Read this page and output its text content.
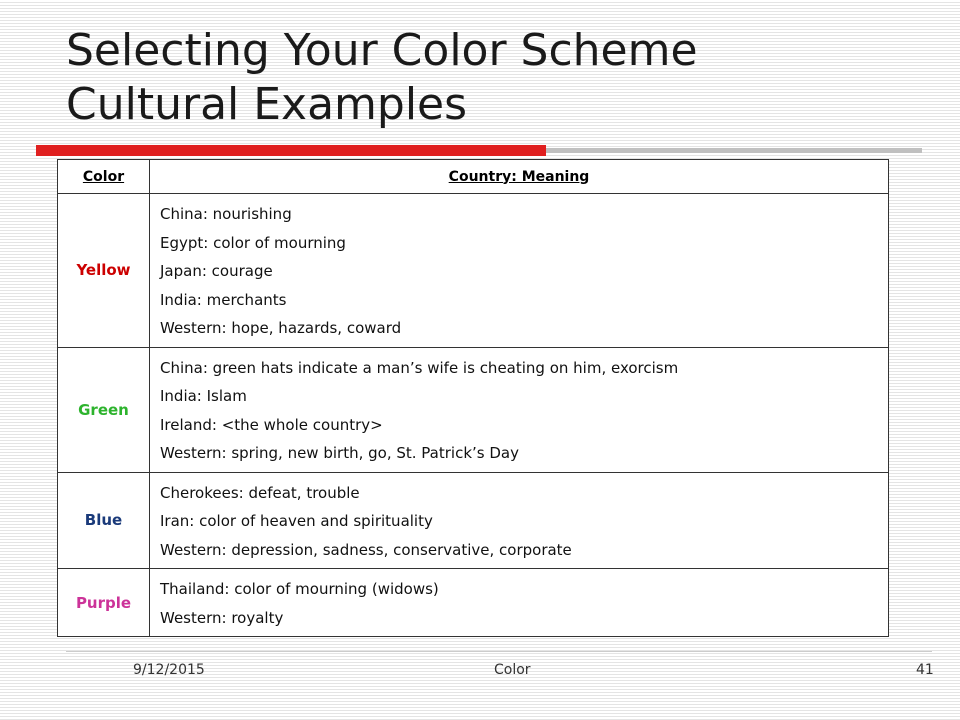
Selecting Your Color Scheme
Cultural Examples
Color	Country: Meaning
Yellow	China: nourishing
Egypt: color of mourning
Japan: courage
India: merchants
Western: hope, hazards, coward

Green	China: green hats indicate a man’s wife is cheating on him, exorcism
India: Islam
Ireland: <the whole country>
Western: spring, new birth, go, St. Patrick’s Day

Blue	Cherokees: defeat, trouble
Iran: color of heaven and spirituality
Western: depression, sadness, conservative, corporate

Purple	Thailand: color of mourning (widows)
Western: royalty
9/12/2015	Color	41
